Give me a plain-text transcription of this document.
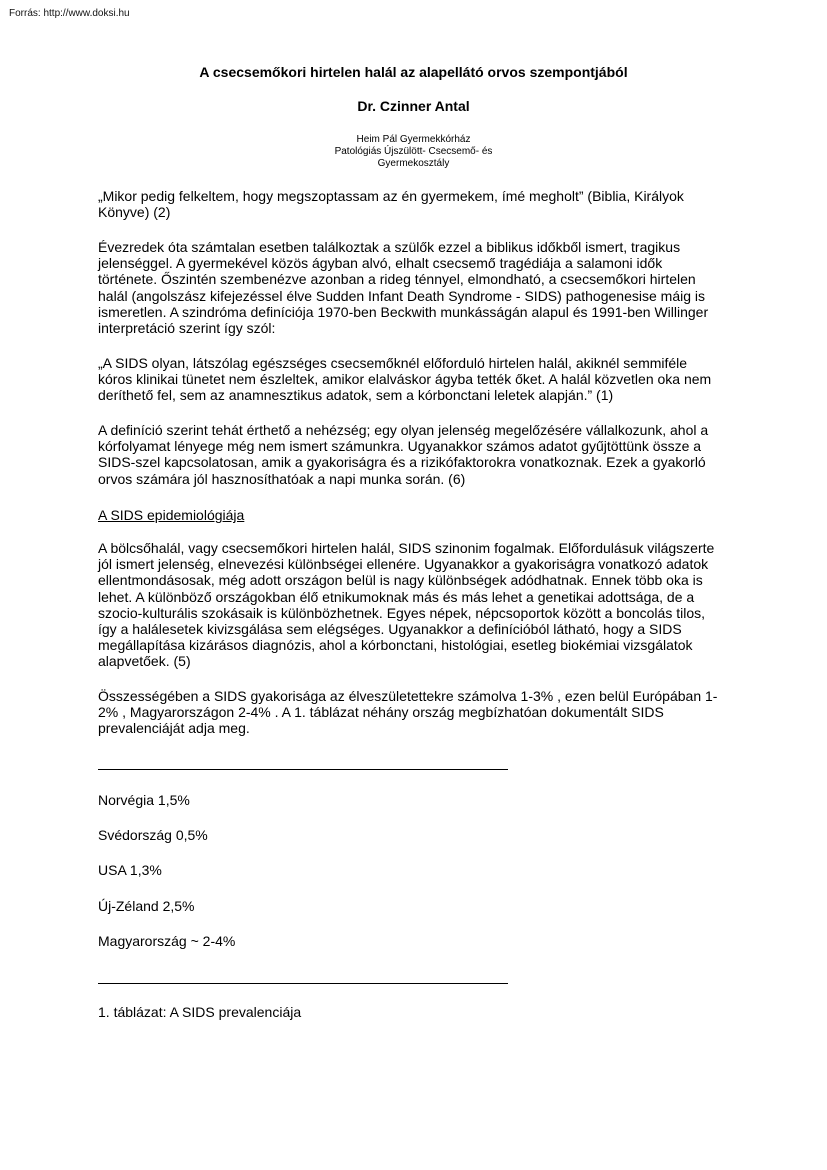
Forrás: http://www.doksi.hu
A csecsemőkori hirtelen halál az alapellátó orvos szempontjából
Dr. Czinner Antal
Heim Pál Gyermekkórház
Patológiás Újszülött- Csecsemő- és
Gyermekosztály

„Mikor pedig felkeltem, hogy megszoptassam az én gyermekem, ímé megholt” (Biblia, Királyok Könyve) (2)

Évezredek óta számtalan esetben találkoztak a szülők ezzel a biblikus időkből ismert, tragikus jelenséggel. A gyermekével közös ágyban alvó, elhalt csecsemő tragédiája a salamoni idők története. Őszintén szembenézve azonban a rideg ténnyel, elmondható, a csecsemőkori hirtelen halál (angolszász kifejezéssel élve Sudden Infant Death Syndrome - SIDS) pathogenesise máig is ismeretlen. A szindróma definíciója 1970-ben Beckwith munkásságán alapul és 1991-ben Willinger interpretáció szerint így szól:

„A SIDS olyan, látszólag egészséges csecsemőknél előforduló hirtelen halál, akiknél semmiféle kóros klinikai tünetet nem észleltek, amikor elalváskor ágyba tették őket. A halál közvetlen oka nem deríthető fel, sem az anamnesztikus adatok, sem a kórbonctani leletek alapján.” (1)

A definíció szerint tehát érthető a nehézség; egy olyan jelenség megelőzésére vállalkozunk, ahol a kórfolyamat lényege még nem ismert számunkra. Ugyanakkor számos adatot gyűjtöttünk össze a SIDS-szel kapcsolatosan, amik a gyakoriságra és a rizikófaktorokra vonatkoznak. Ezek a gyakorló orvos számára jól hasznosíthatóak a napi munka során. (6)

A SIDS epidemiológiája

A bölcsőhalál, vagy csecsemőkori hirtelen halál, SIDS szinonim fogalmak. Előfordulásuk világszerte jól ismert jelenség, elnevezési különbségei ellenére. Ugyanakkor a gyakoriságra vonatkozó adatok ellentmondásosak, még adott országon belül is nagy különbségek adódhatnak. Ennek több oka is lehet. A különböző országokban élő etnikumoknak más és más lehet a genetikai adottsága, de a szocio-kulturális szokásaik is különbözhetnek. Egyes népek, népcsoportok között a boncolás tilos, így a halálesetek kivizsgálása sem elégséges. Ugyanakkor a definícióból látható, hogy a SIDS megállapítása kizárásos diagnózis, ahol a kórbonctani, histológiai, esetleg biokémiai vizsgálatok alapvetőek. (5)

Összességében a SIDS gyakorisága az élveszületettekre számolva 1-3% , ezen belül Európában 1-2% , Magyarországon 2-4% . A 1. táblázat néhány ország megbízhatóan dokumentált SIDS prevalenciáját adja meg.

Norvégia 1,5%
Svédország 0,5%
USA 1,3%
Új-Zéland 2,5%
Magyarország ~ 2-4%
1. táblázat: A SIDS prevalenciája
